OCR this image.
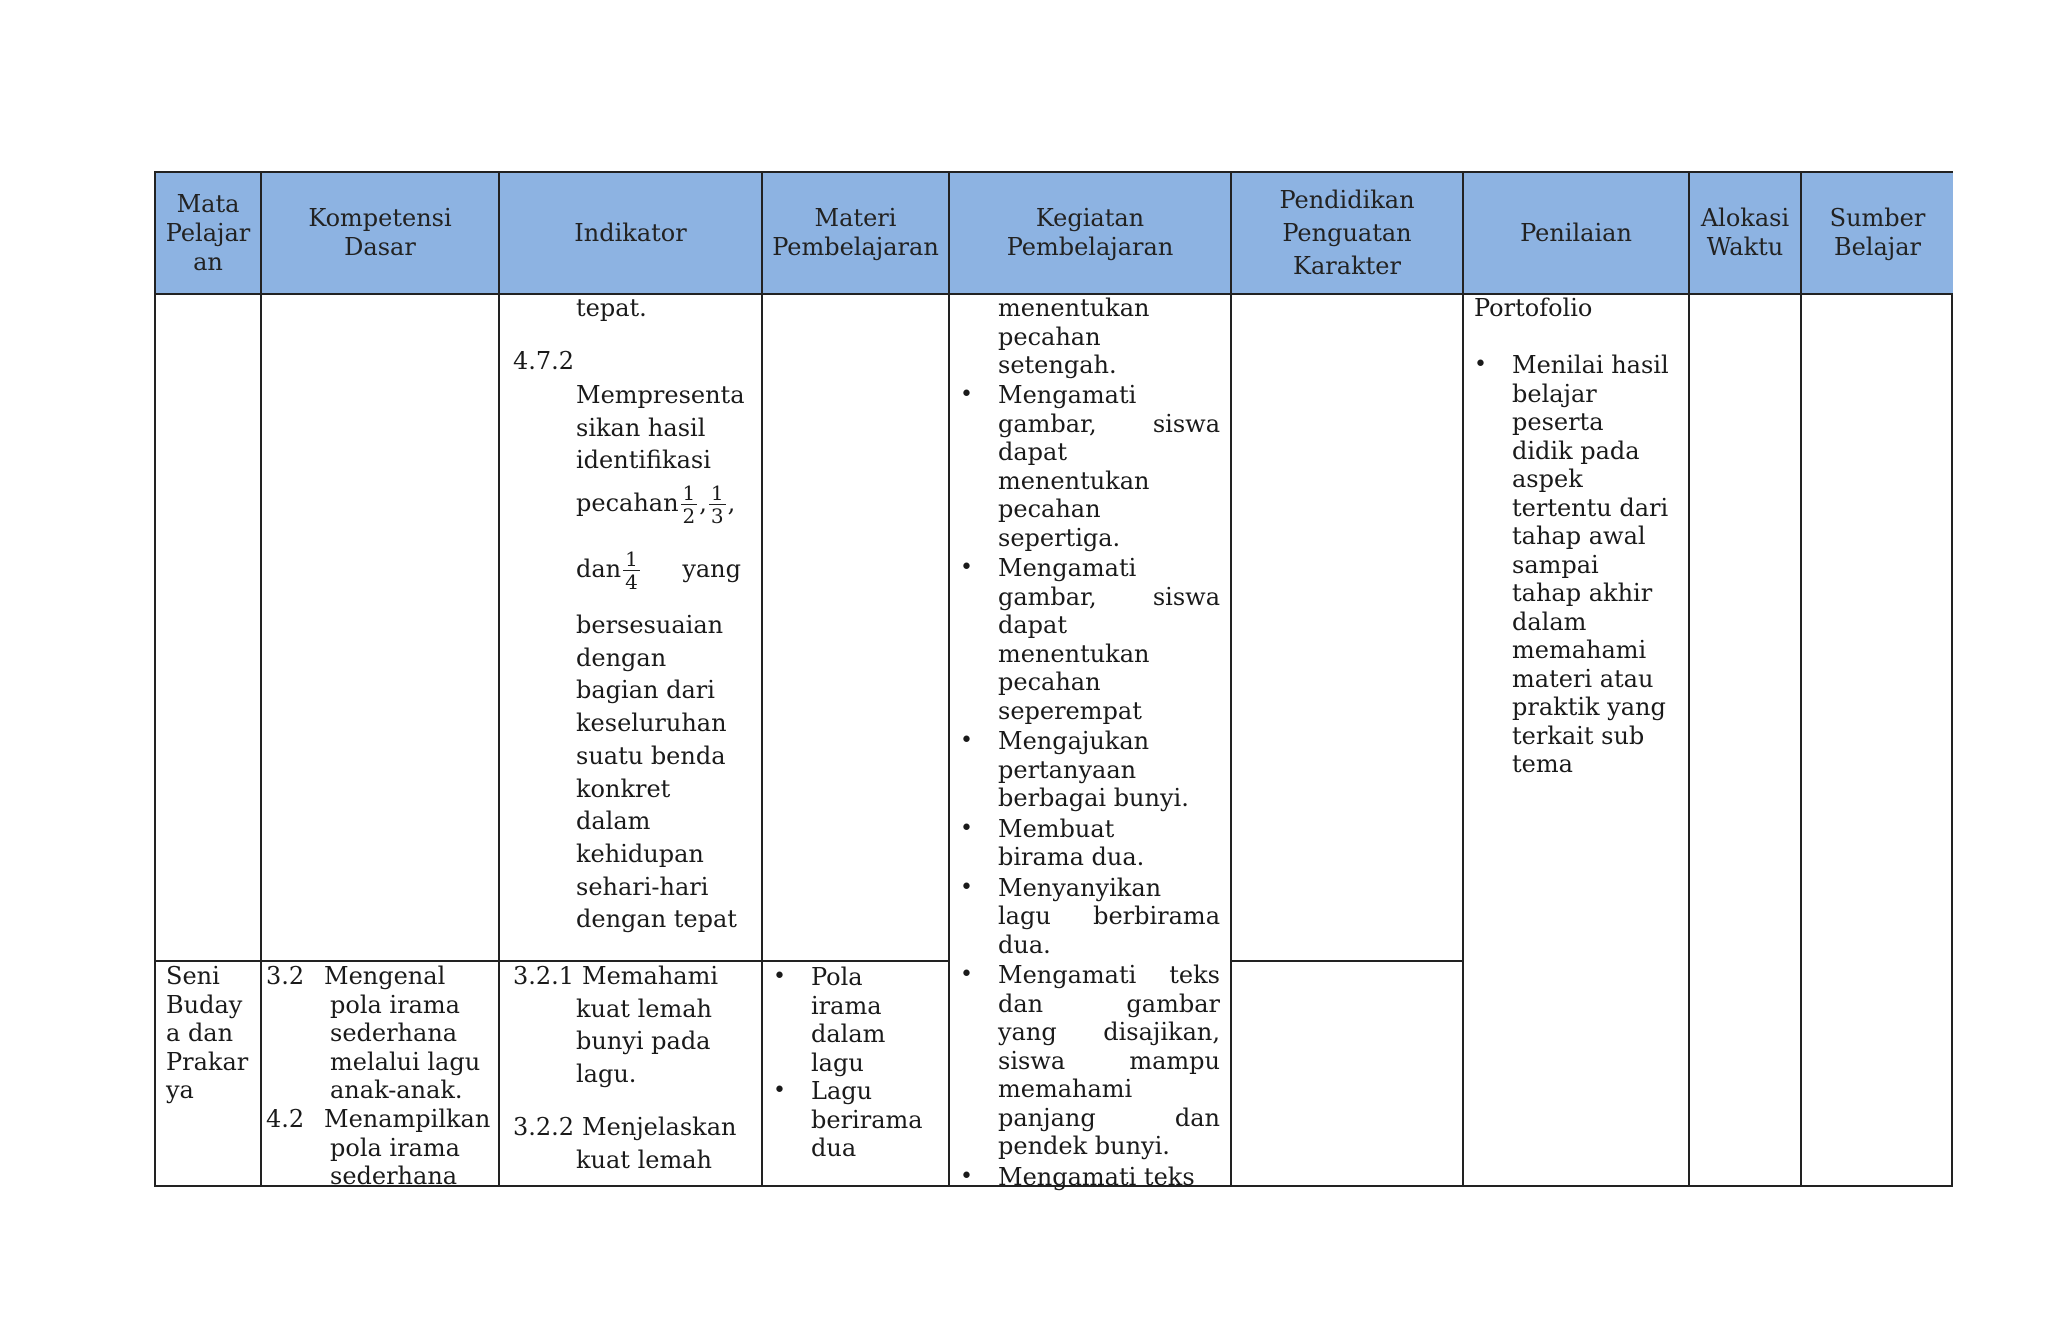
Mata
Pelajar
an
Kompetensi
Dasar
Indikator
Materi
Pembelajaran
Kegiatan
Pembelajaran
Pendidikan
Penguatan
Karakter
Penilaian
Alokasi
Waktu
Sumber
Belajar
tepat.
4.7.2
Mempresenta
sikan hasil
identifikasi
pecahan $\frac{1}{2}$ , $\frac{1}{3}$ ,
dan $\frac{1}{4}$ yang
bersesuaian
dengan
bagian dari
keseluruhan
suatu benda
konkret
dalam
kehidupan
sehari-hari
dengan tepat
menentukan
pecahan
setengah.
• Mengamati

gambar, siswa
dapat
menentukan
pecahan
sepertiga.
• Mengamati

gambar, siswa
dapat
menentukan
pecahan
seperempat
• Mengajukan
pertanyaan
berbagai bunyi.
• Membuat
birama dua.
• Menyanyikan

lagu berbirama
dua.
• Mengamati teks
dan gambar
yang disajikan,
siswa mampu
memahami

panjang dan
pendek bunyi.
• Mengamati teks
Portofolio
• Menilai hasil
belajar
peserta
didik pada
aspek
tertentu dari
tahap awal
sampai
tahap akhir
dalam
memahami
materi atau
praktik yang
terkait sub
tema
Seni
Buday
a dan
Prakar
ya
3.2 Mengenal
pola irama
sederhana
melalui lagu
anak-anak.
4.2 Menampilkan
pola irama
sederhana
3.2.1 Memahami
kuat lemah
bunyi pada
lagu.
3.2.2 Menjelaskan
kuat lemah
• Pola
irama
dalam
lagu
• Lagu
berirama
dua
